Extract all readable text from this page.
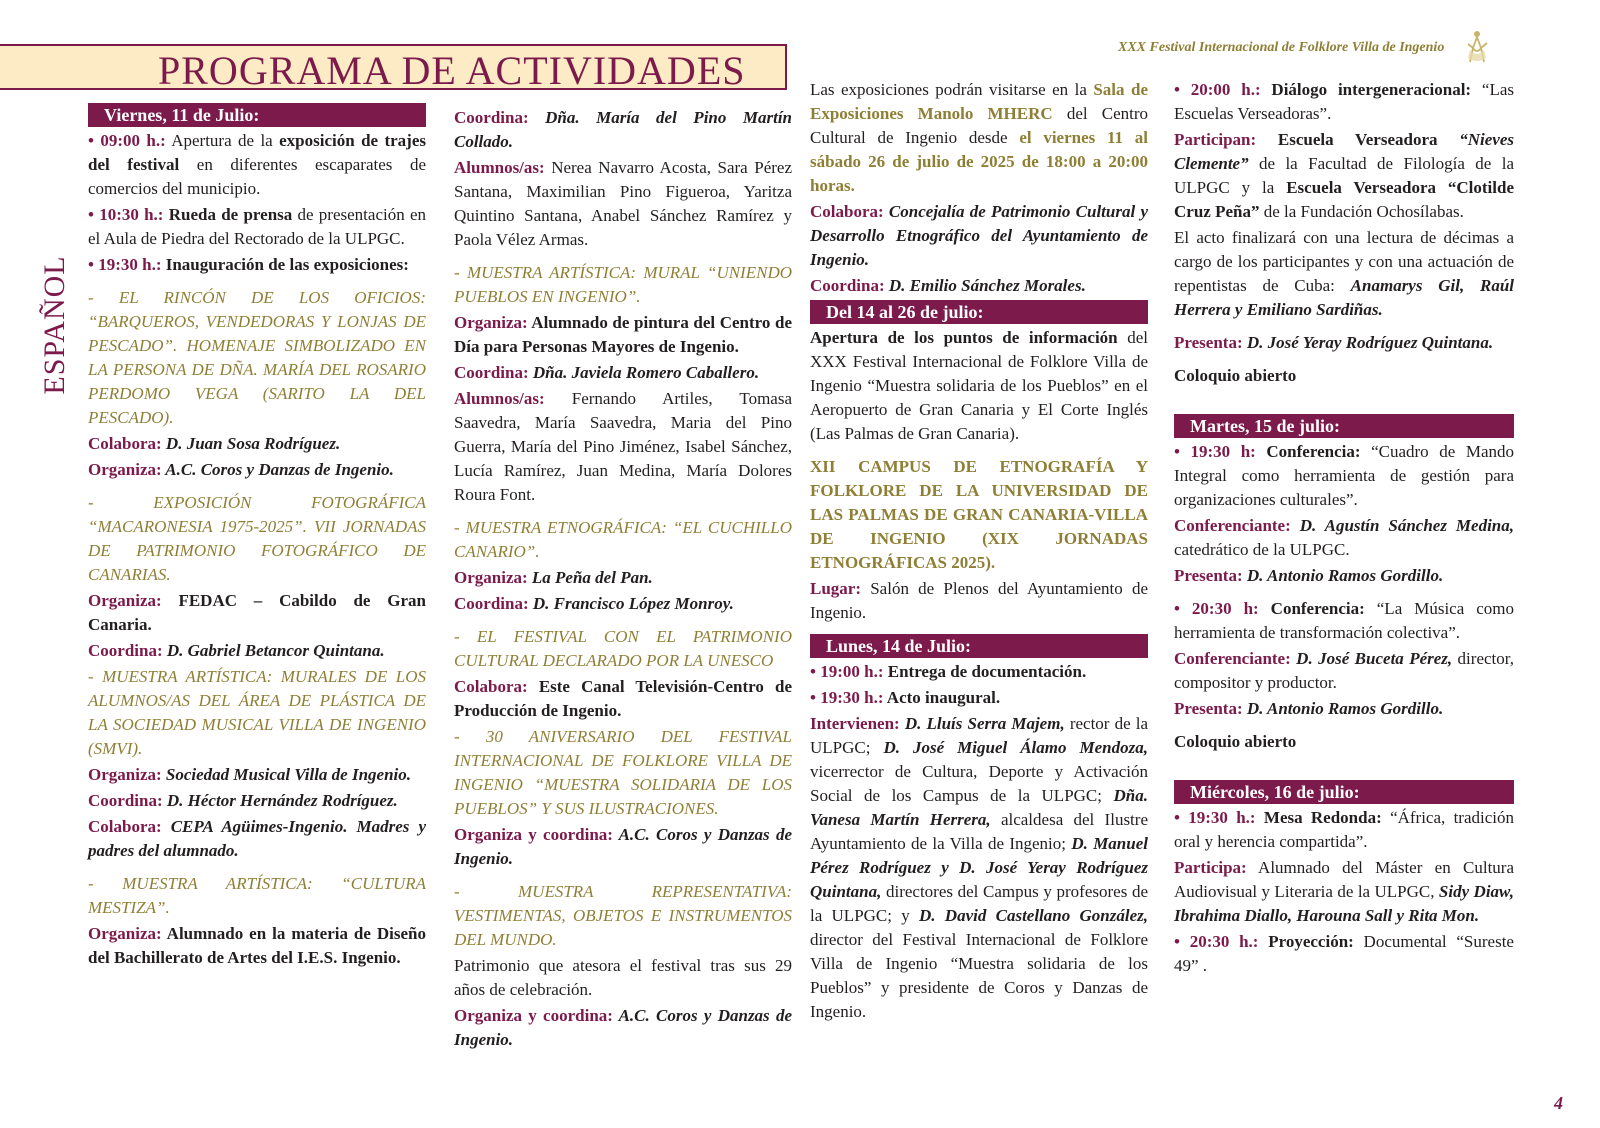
PROGRAMA DE ACTIVIDADES
XXX Festival Internacional de Folklore Villa de Ingenio
ESPAÑOL
4
Viernes, 11 de Julio:

• 09:00 h.: Apertura de la exposición de trajes del festival en diferentes escaparates de comercios del municipio.

• 10:30 h.: Rueda de prensa de presentación en el Aula de Piedra del Rectorado de la ULPGC.

• 19:30 h.: Inauguración de las exposiciones:

- EL RINCÓN DE LOS OFICIOS: “BARQUEROS, VENDEDORAS Y LONJAS DE PESCADO”. HOMENAJE SIMBOLIZADO EN LA PERSONA DE DÑA. MARÍA DEL ROSARIO PERDOMO VEGA (SARITO LA DEL PESCADO).

Colabora: D. Juan Sosa Rodríguez.

Organiza: A.C. Coros y Danzas de Ingenio.

- EXPOSICIÓN FOTOGRÁFICA “MACARONESIA 1975-2025”. VII JORNADAS DE PATRIMONIO FOTOGRÁFICO DE CANARIAS.

Organiza: FEDAC – Cabildo de Gran Canaria.

Coordina: D. Gabriel Betancor Quintana.

- MUESTRA ARTÍSTICA: MURALES DE LOS ALUMNOS/AS DEL ÁREA DE PLÁSTICA DE LA SOCIEDAD MUSICAL VILLA DE INGENIO (SMVI).

Organiza: Sociedad Musical Villa de Ingenio.

Coordina: D. Héctor Hernández Rodríguez.

Colabora: CEPA Agüimes-Ingenio. Madres y padres del alumnado.

- MUESTRA ARTÍSTICA: “CULTURA MESTIZA”.

Organiza: Alumnado en la materia de Diseño del Bachillerato de Artes del I.E.S. Ingenio.

Coordina: Dña. María del Pino Martín Collado.

Alumnos/as: Nerea Navarro Acosta, Sara Pérez Santana, Maximilian Pino Figueroa, Yaritza Quintino Santana, Anabel Sánchez Ramírez y Paola Vélez Armas.

- MUESTRA ARTÍSTICA: MURAL “UNIENDO PUEBLOS EN INGENIO”.

Organiza: Alumnado de pintura del Centro de Día para Personas Mayores de Ingenio.

Coordina: Dña. Javiela Romero Caballero.

Alumnos/as: Fernando Artiles, Tomasa Saavedra, María Saavedra, Maria del Pino Guerra, María del Pino Jiménez, Isabel Sánchez, Lucía Ramírez, Juan Medina, María Dolores Roura Font.

- MUESTRA ETNOGRÁFICA: “EL CUCHILLO CANARIO”.

Organiza: La Peña del Pan.

Coordina: D. Francisco López Monroy.

- EL FESTIVAL CON EL PATRIMONIO CULTURAL DECLARADO POR LA UNESCO

Colabora: Este Canal Televisión-Centro de Producción de Ingenio.

- 30 ANIVERSARIO DEL FESTIVAL INTERNACIONAL DE FOLKLORE VILLA DE INGENIO “MUESTRA SOLIDARIA DE LOS PUEBLOS” Y SUS ILUSTRACIONES.

Organiza y coordina: A.C. Coros y Danzas de Ingenio.

- MUESTRA REPRESENTATIVA: VESTIMENTAS, OBJETOS E INSTRUMENTOS DEL MUNDO.

Patrimonio que atesora el festival tras sus 29 años de celebración.

Organiza y coordina: A.C. Coros y Danzas de Ingenio.

Las exposiciones podrán visitarse en la Sala de Exposiciones Manolo MHERC del Centro Cultural de Ingenio desde el viernes 11 al sábado 26 de julio de 2025 de 18:00 a 20:00 horas.

Colabora: Concejalía de Patrimonio Cultural y Desarrollo Etnográfico del Ayuntamiento de Ingenio.

Coordina: D. Emilio Sánchez Morales.

Del 14 al 26 de julio:

Apertura de los puntos de información del XXX Festival Internacional de Folklore Villa de Ingenio “Muestra solidaria de los Pueblos” en el Aeropuerto de Gran Canaria y El Corte Inglés (Las Palmas de Gran Canaria).

XII CAMPUS DE ETNOGRAFÍA Y FOLKLORE DE LA UNIVERSIDAD DE LAS PALMAS DE GRAN CANARIA-VILLA DE INGENIO (XIX JORNADAS ETNOGRÁFICAS 2025).

Lugar: Salón de Plenos del Ayuntamiento de Ingenio.

Lunes, 14 de Julio:

• 19:00 h.: Entrega de documentación.

• 19:30 h.: Acto inaugural.

Intervienen: D. Lluís Serra Majem, rector de la ULPGC; D. José Miguel Álamo Mendoza, vicerrector de Cultura, Deporte y Activación Social de los Campus de la ULPGC; Dña. Vanesa Martín Herrera, alcaldesa del Ilustre Ayuntamiento de la Villa de Ingenio; D. Manuel Pérez Rodríguez y D. José Yeray Rodríguez Quintana, directores del Campus y profesores de la ULPGC; y D. David Castellano González, director del Festival Internacional de Folklore Villa de Ingenio “Muestra solidaria de los Pueblos” y presidente de Coros y Danzas de Ingenio.

• 20:00 h.: Diálogo intergeneracional: “Las Escuelas Verseadoras”.

Participan: Escuela Verseadora “Nieves Clemente” de la Facultad de Filología de la ULPGC y la Escuela Verseadora “Clotilde Cruz Peña” de la Fundación Ochosílabas.

El acto finalizará con una lectura de décimas a cargo de los participantes y con una actuación de repentistas de Cuba: Anamarys Gil, Raúl Herrera y Emiliano Sardiñas.

Presenta: D. José Yeray Rodríguez Quintana.

Coloquio abierto

Martes, 15 de julio:

• 19:30 h: Conferencia: “Cuadro de Mando Integral como herramienta de gestión para organizaciones culturales”.

Conferenciante: D. Agustín Sánchez Medina, catedrático de la ULPGC.

Presenta: D. Antonio Ramos Gordillo.

• 20:30 h: Conferencia: “La Música como herramienta de transformación colectiva”.

Conferenciante: D. José Buceta Pérez, director, compositor y productor.

Presenta: D. Antonio Ramos Gordillo.

Coloquio abierto

Miércoles, 16 de julio:

• 19:30 h.: Mesa Redonda: “África, tradición oral y herencia compartida”.

Participa: Alumnado del Máster en Cultura Audiovisual y Literaria de la ULPGC, Sidy Diaw, Ibrahima Diallo, Harouna Sall y Rita Mon.

• 20:30 h.: Proyección: Documental “Sureste 49” .
